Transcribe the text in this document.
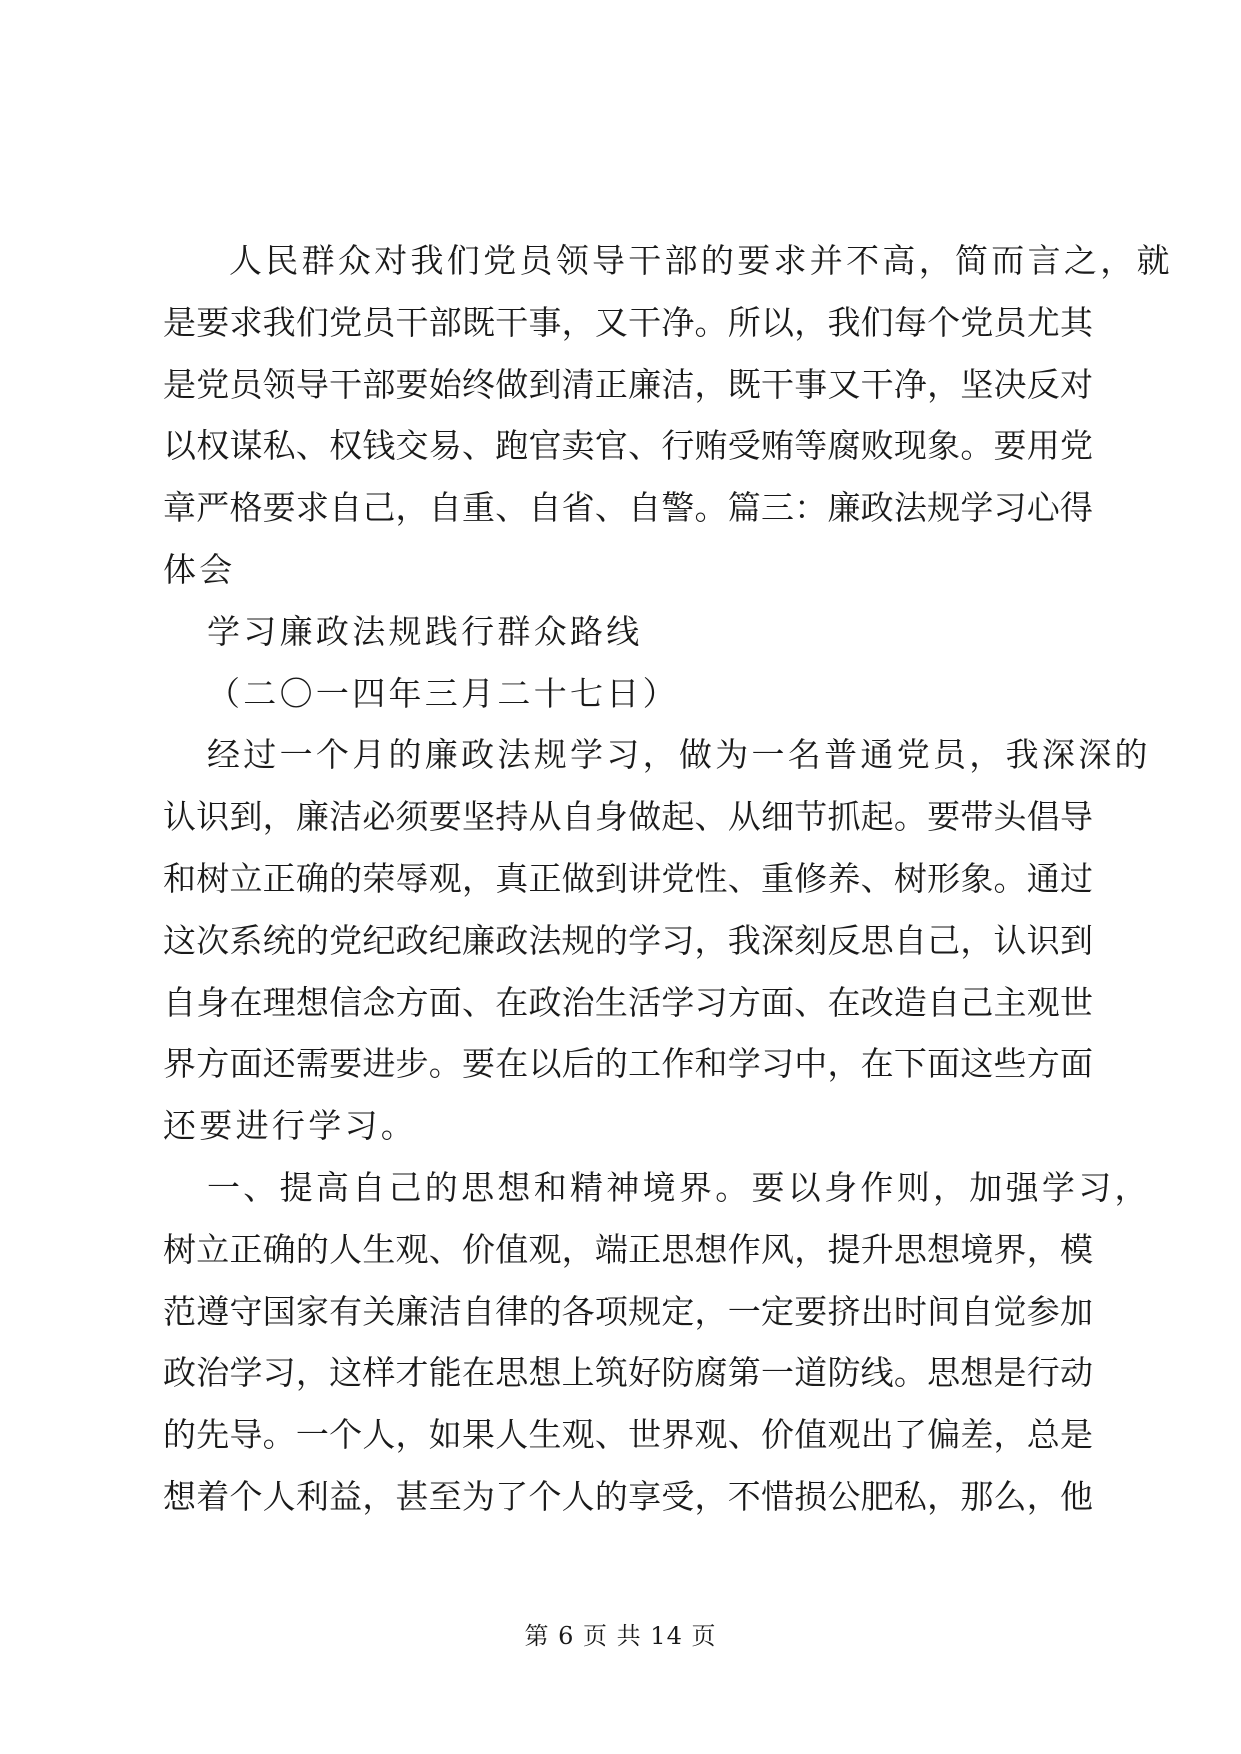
人民群众对我们党员领导干部的要求并不高，简而言之，就
是要求我们党员干部既干事，又干净。所以，我们每个党员尤其
是党员领导干部要始终做到清正廉洁，既干事又干净，坚决反对
以权谋私、权钱交易、跑官卖官、行贿受贿等腐败现象。要用党
章严格要求自己，自重、自省、自警。篇三：廉政法规学习心得
体会
学习廉政法规践行群众路线
（二〇一四年三月二十七日）
经过一个月的廉政法规学习，做为一名普通党员，我深深的
认识到，廉洁必须要坚持从自身做起、从细节抓起。要带头倡导
和树立正确的荣辱观，真正做到讲党性、重修养、树形象。通过
这次系统的党纪政纪廉政法规的学习，我深刻反思自己，认识到
自身在理想信念方面、在政治生活学习方面、在改造自己主观世
界方面还需要进步。要在以后的工作和学习中，在下面这些方面
还要进行学习。
一、提高自己的思想和精神境界。要以身作则，加强学习，
树立正确的人生观、价值观，端正思想作风，提升思想境界，模
范遵守国家有关廉洁自律的各项规定，一定要挤出时间自觉参加
政治学习，这样才能在思想上筑好防腐第一道防线。思想是行动
的先导。一个人，如果人生观、世界观、价值观出了偏差，总是
想着个人利益，甚至为了个人的享受，不惜损公肥私，那么，他
第 6 页 共 14 页
